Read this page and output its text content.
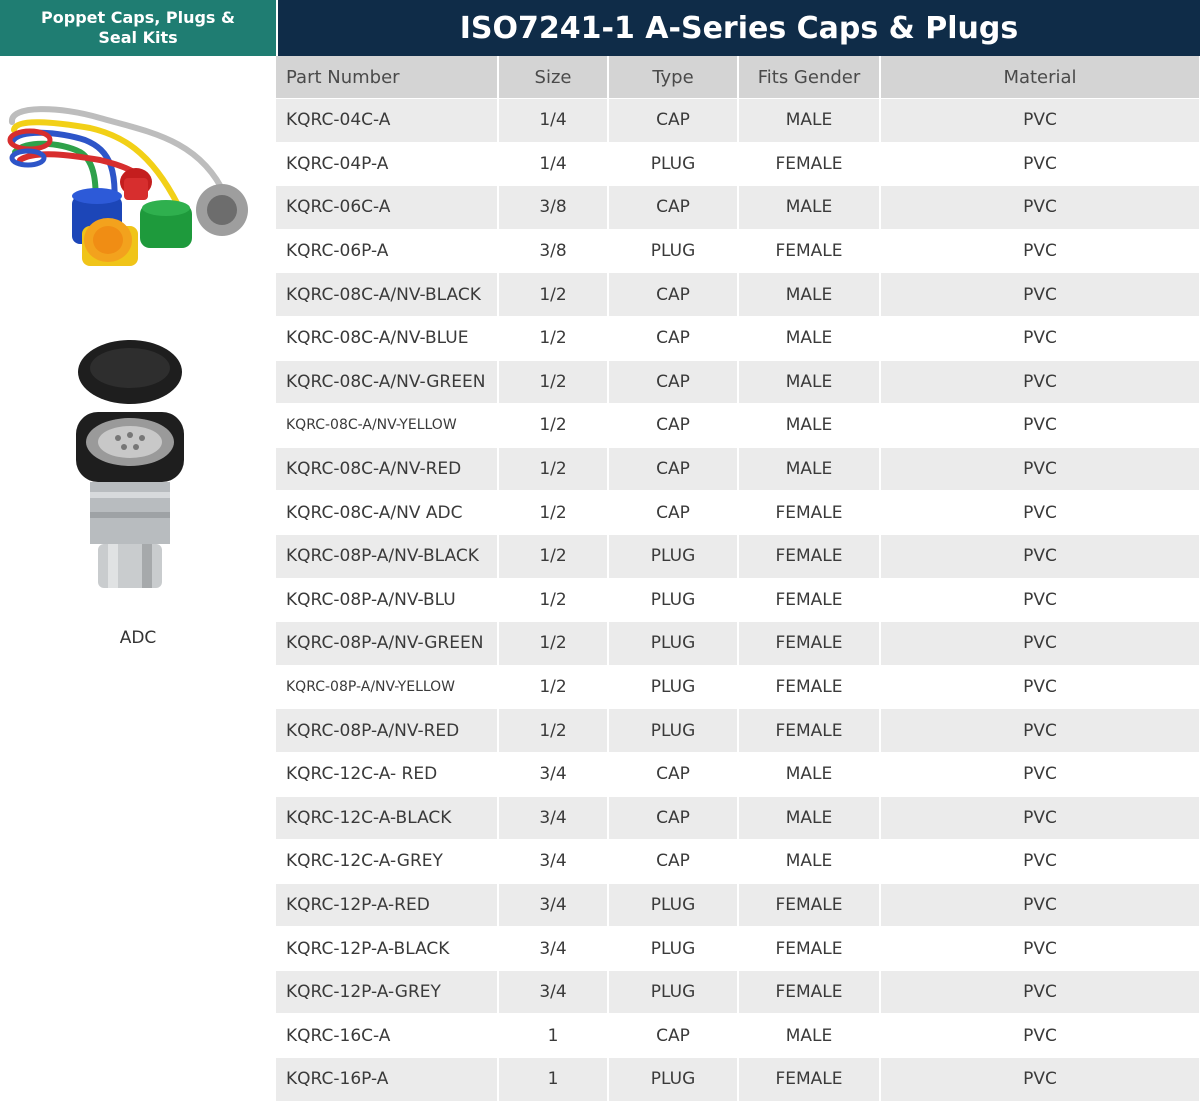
Poppet Caps, Plugs & Seal Kits
ADC
ISO7241-1 A-Series Caps & Plugs
Part Number	Size	Type	Fits Gender	Material
KQRC-04C-A	1/4	CAP	MALE	PVC
KQRC-04P-A	1/4	PLUG	FEMALE	PVC
KQRC-06C-A	3/8	CAP	MALE	PVC
KQRC-06P-A	3/8	PLUG	FEMALE	PVC
KQRC-08C-A/NV-BLACK	1/2	CAP	MALE	PVC
KQRC-08C-A/NV-BLUE	1/2	CAP	MALE	PVC
KQRC-08C-A/NV-GREEN	1/2	CAP	MALE	PVC
KQRC-08C-A/NV-YELLOW	1/2	CAP	MALE	PVC
KQRC-08C-A/NV-RED	1/2	CAP	MALE	PVC
KQRC-08C-A/NV ADC	1/2	CAP	FEMALE	PVC
KQRC-08P-A/NV-BLACK	1/2	PLUG	FEMALE	PVC
KQRC-08P-A/NV-BLU	1/2	PLUG	FEMALE	PVC
KQRC-08P-A/NV-GREEN	1/2	PLUG	FEMALE	PVC
KQRC-08P-A/NV-YELLOW	1/2	PLUG	FEMALE	PVC
KQRC-08P-A/NV-RED	1/2	PLUG	FEMALE	PVC
KQRC-12C-A- RED	3/4	CAP	MALE	PVC
KQRC-12C-A-BLACK	3/4	CAP	MALE	PVC
KQRC-12C-A-GREY	3/4	CAP	MALE	PVC
KQRC-12P-A-RED	3/4	PLUG	FEMALE	PVC
KQRC-12P-A-BLACK	3/4	PLUG	FEMALE	PVC
KQRC-12P-A-GREY	3/4	PLUG	FEMALE	PVC
KQRC-16C-A	1	CAP	MALE	PVC
KQRC-16P-A	1	PLUG	FEMALE	PVC
